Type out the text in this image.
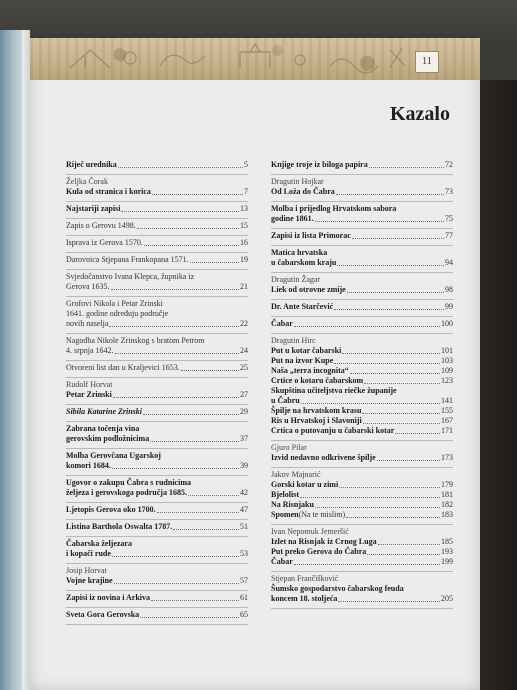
11
Kazalo
Riječ urednika	5
Željka Čorak
Kula od stranica i korica	7
Najstariji zapisi	13
Zapis o Gerovu 1498.	15
Isprava iz Gerova 1570.	16
Darovnica Stjepana Frankopana 1571.	19
Svjedočanstvo Ivana Klepca, župnika iz
Gerova 1635.	21
Grofovi Nikola i Petar Zrinski
1641. godine određuju područje
novih naselja	22
Nagodba Nikole Zrinskog s bratom Petrom
4. srpnja 1642.	24
Otvoreni list dan u Kraljevici 1653.	25
Rudolf Horvat
Petar Zrinski	27
Sibila Katarine Zrinski	29
Zabrana točenja vina
gerovskim podložnicima	37
Molba Gerovčana Ugarskoj
komori 1684.	39
Ugovor o zakupu Čabra s rudnicima
željeza i gerovskoga područja 1685.	42
Ljetopis Gerova oko 1700.	47
Listina Barthola Oswalta 1787.	51
Čabarska željezara
i kopači rude	53
Josip Horvat
Vojne krajine	57
Zapisi iz novina i Arkiva	61
Sveta Gora Gerovska	65
Knjige troje iz biloga papira	72
Dragutin Hojkar
Od Loža do Čabra	73
Molba i prijedlog Hrvatskom sabora
godine 1861.	75
Zapisi iz lista Primorac	77
Matica hrvatska
u čabarskom kraju	94
Dragutin Žagar
Liek od otrovne zmije	98
Dr. Ante Starčević	99
Čabar	100
Dragutin Hirc
Put u kotar čabarski	101
Put na izvor Kupe	103
Naša „terra incognita“	109
Crtice o kotaru čabarskom	123
Skupština učiteljstva riečke županije
u Čabru	141
Špilje na hrvatskom krasu	155
Ris u Hrvatskoj i Slavoniji	167
Crtica o putovanju u čabarski kotar	171
Gjuro Pilar
Izvid nedavno odkrivene špilje	173
Jakov Majnarić
Gorski kotar u zimi	179
Bjelolist	181
Na Risnjaku	182
Spomen (Na te mislim)	183
Ivan Nepomuk Jemeršić
Izlet na Risnjak iz Crnog Luga	185
Put preko Gerova do Čabra	193
Čabar	199
Stjepan Frančišković
Šumsko gospodarstvo čabarskog feuda
koncem 18. stoljeća	205
